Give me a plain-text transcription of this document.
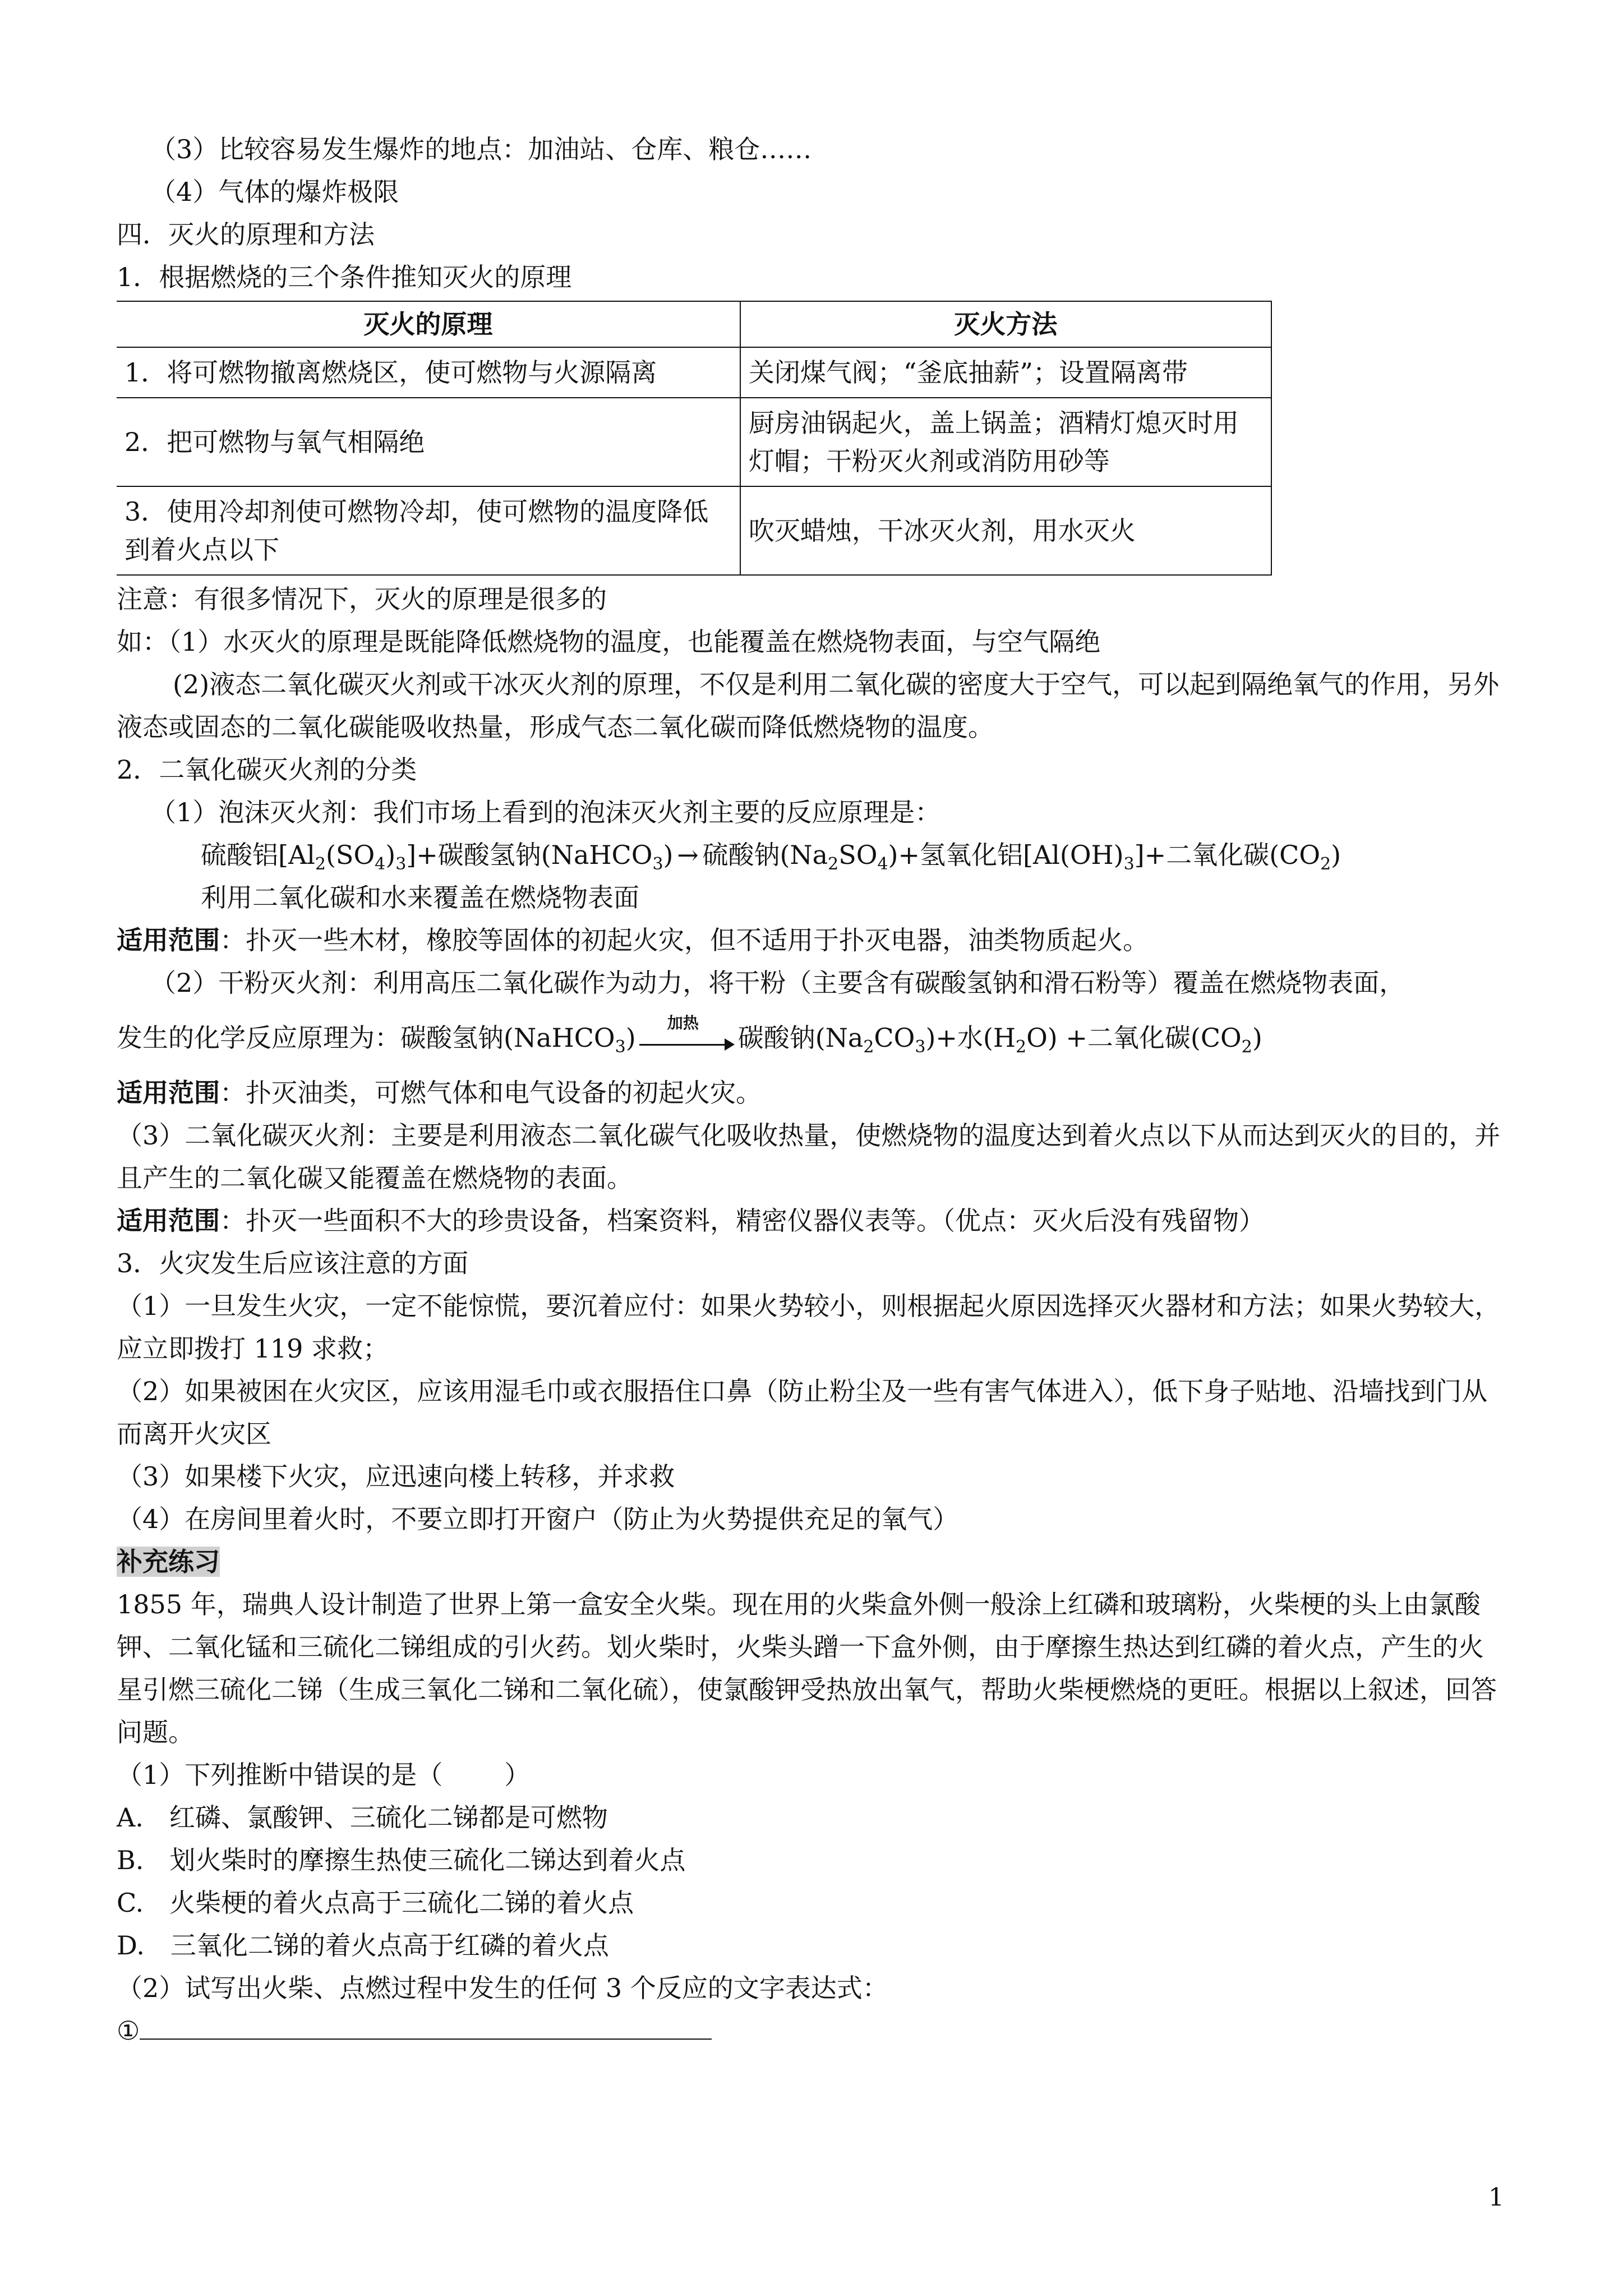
（3）比较容易发生爆炸的地点：加油站、仓库、粮仓……

（4）气体的爆炸极限

四．灭火的原理和方法

1．根据燃烧的三个条件推知灭火的原理

灭火的原理	灭火方法
1．将可燃物撤离燃烧区，使可燃物与火源隔离	关闭煤气阀；“釜底抽薪”；设置隔离带
2．把可燃物与氧气相隔绝	厨房油锅起火，盖上锅盖；酒精灯熄灭时用灯帽；干粉灭火剂或消防用砂等
3．使用冷却剂使可燃物冷却，使可燃物的温度降低到着火点以下	吹灭蜡烛，干冰灭火剂，用水灭火

注意：有很多情况下，灭火的原理是很多的

如：（1）水灭火的原理是既能降低燃烧物的温度，也能覆盖在燃烧物表面，与空气隔绝

(2)液态二氧化碳灭火剂或干冰灭火剂的原理，不仅是利用二氧化碳的密度大于空气，可以起到隔绝氧气的作用，另外液态或固态的二氧化碳能吸收热量，形成气态二氧化碳而降低燃烧物的温度。

2．二氧化碳灭火剂的分类

（1）泡沫灭火剂：我们市场上看到的泡沫灭火剂主要的反应原理是：

硫酸铝$[Al_2(SO_4)_3]+$碳酸氢钠(NaHCO$_3$) → 硫酸钠$(Na_2SO_4)+$氢氧化铝$[Al(OH)_3]+$二氧化碳$(CO_2)$

利用二氧化碳和水来覆盖在燃烧物表面

适用范围：扑灭一些木材，橡胶等固体的初起火灾，但不适用于扑灭电器，油类物质起火。

（2）干粉灭火剂：利用高压二氧化碳作为动力，将干粉（主要含有碳酸氢钠和滑石粉等）覆盖在燃烧物表面，

发生的化学反应原理为：碳酸氢钠(NaHCO$_3$)	加热	碳酸钠$(Na_2CO_3)+$水$(H_2O)$ +二氧化碳$(CO_2)$

适用范围：扑灭油类，可燃气体和电气设备的初起火灾。

（3）二氧化碳灭火剂：主要是利用液态二氧化碳气化吸收热量，使燃烧物的温度达到着火点以下从而达到灭火的目的，并且产生的二氧化碳又能覆盖在燃烧物的表面。

适用范围：扑灭一些面积不大的珍贵设备，档案资料，精密仪器仪表等。（优点：灭火后没有残留物）

3．火灾发生后应该注意的方面

（1）一旦发生火灾，一定不能惊慌，要沉着应付：如果火势较小，则根据起火原因选择灭火器材和方法；如果火势较大，应立即拨打 119 求救；

（2）如果被困在火灾区，应该用湿毛巾或衣服捂住口鼻（防止粉尘及一些有害气体进入），低下身子贴地、沿墙找到门从而离开火灾区

（3）如果楼下火灾，应迅速向楼上转移，并求救

（4）在房间里着火时，不要立即打开窗户（防止为火势提供充足的氧气）

补充练习

1855 年，瑞典人设计制造了世界上第一盒安全火柴。现在用的火柴盒外侧一般涂上红磷和玻璃粉，火柴梗的头上由氯酸钾、二氧化锰和三硫化二锑组成的引火药。划火柴时，火柴头蹭一下盒外侧，由于摩擦生热达到红磷的着火点，产生的火星引燃三硫化二锑（生成三氧化二锑和二氧化硫），使氯酸钾受热放出氧气，帮助火柴梗燃烧的更旺。根据以上叙述，回答问题。

（1）下列推断中错误的是（ ）

A.　红磷、氯酸钾、三硫化二锑都是可燃物

B.　划火柴时的摩擦生热使三硫化二锑达到着火点

C.　火柴梗的着火点高于三硫化二锑的着火点

D.　三氧化二锑的着火点高于红磷的着火点

（2）试写出火柴、点燃过程中发生的任何 3 个反应的文字表达式：

①

1
